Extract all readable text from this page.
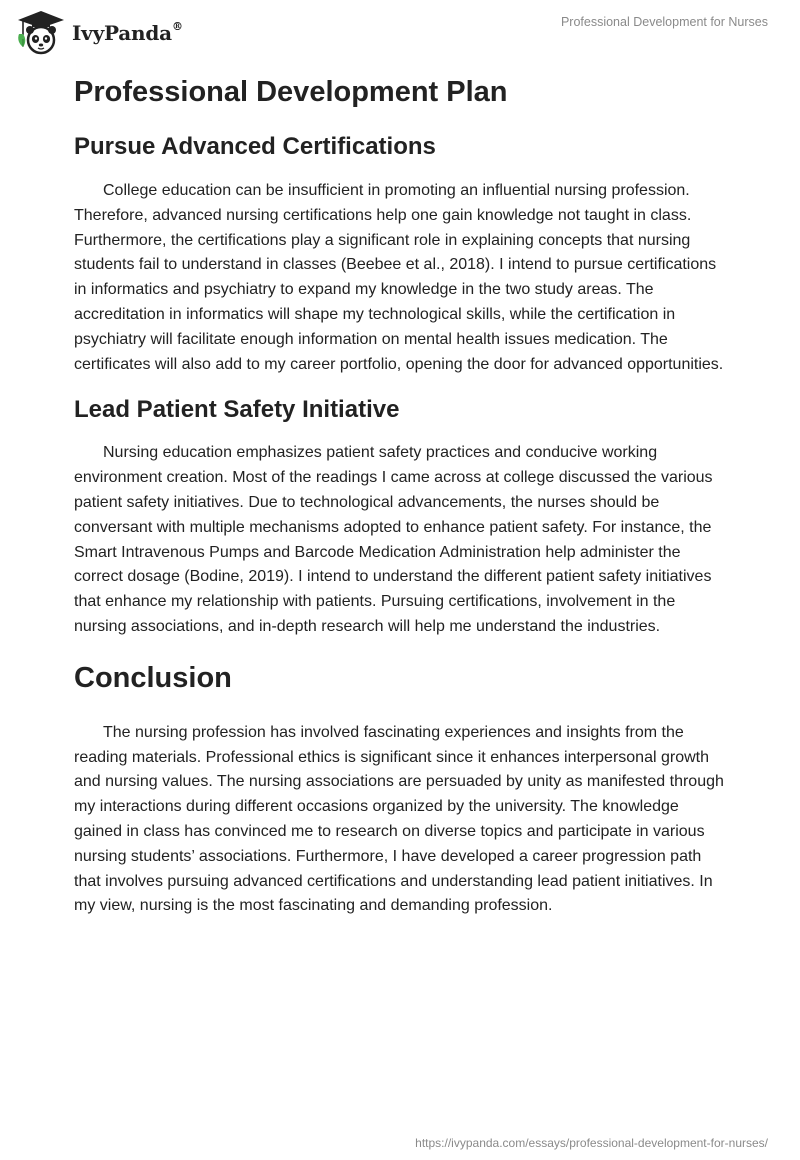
IvyPanda®	Professional Development for Nurses
Professional Development Plan
Pursue Advanced Certifications

College education can be insufficient in promoting an influential nursing profession. Therefore, advanced nursing certifications help one gain knowledge not taught in class. Furthermore, the certifications play a significant role in explaining concepts that nursing students fail to understand in classes (Beebee et al., 2018). I intend to pursue certifications in informatics and psychiatry to expand my knowledge in the two study areas. The accreditation in informatics will shape my technological skills, while the certification in psychiatry will facilitate enough information on mental health issues medication. The certificates will also add to my career portfolio, opening the door for advanced opportunities.

Lead Patient Safety Initiative

Nursing education emphasizes patient safety practices and conducive working environment creation. Most of the readings I came across at college discussed the various patient safety initiatives. Due to technological advancements, the nurses should be conversant with multiple mechanisms adopted to enhance patient safety. For instance, the Smart Intravenous Pumps and Barcode Medication Administration help administer the correct dosage (Bodine, 2019). I intend to understand the different patient safety initiatives that enhance my relationship with patients. Pursuing certifications, involvement in the nursing associations, and in-depth research will help me understand the industries.

Conclusion

The nursing profession has involved fascinating experiences and insights from the reading materials. Professional ethics is significant since it enhances interpersonal growth and nursing values. The nursing associations are persuaded by unity as manifested through my interactions during different occasions organized by the university. The knowledge gained in class has convinced me to research on diverse topics and participate in various nursing students’ associations. Furthermore, I have developed a career progression path that involves pursuing advanced certifications and understanding lead patient initiatives. In my view, nursing is the most fascinating and demanding profession.

https://ivypanda.com/essays/professional-development-for-nurses/
